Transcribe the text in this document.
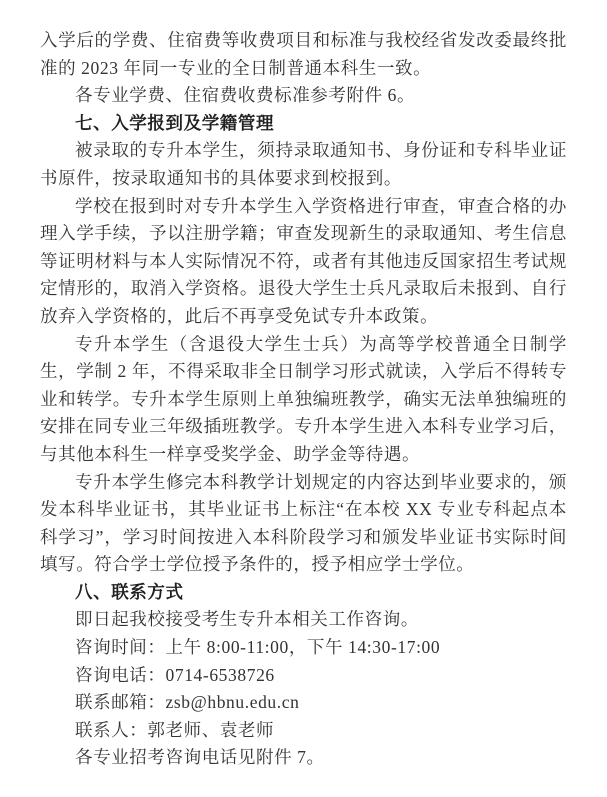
入学后的学费、住宿费等收费项目和标准与我校经省发改委最终批准的 2023 年同一专业的全日制普通本科生一致。

各专业学费、住宿费收费标准参考附件 6。

七、入学报到及学籍管理

被录取的专升本学生，须持录取通知书、身份证和专科毕业证书原件，按录取通知书的具体要求到校报到。

学校在报到时对专升本学生入学资格进行审查，审查合格的办理入学手续，予以注册学籍；审查发现新生的录取通知、考生信息等证明材料与本人实际情况不符，或者有其他违反国家招生考试规定情形的，取消入学资格。退役大学生士兵凡录取后未报到、自行放弃入学资格的，此后不再享受免试专升本政策。

专升本学生（含退役大学生士兵）为高等学校普通全日制学生，学制 2 年，不得采取非全日制学习形式就读，入学后不得转专业和转学。专升本学生原则上单独编班教学，确实无法单独编班的安排在同专业三年级插班教学。专升本学生进入本科专业学习后，与其他本科生一样享受奖学金、助学金等待遇。

专升本学生修完本科教学计划规定的内容达到毕业要求的，颁发本科毕业证书，其毕业证书上标注“在本校 XX 专业专科起点本科学习”，学习时间按进入本科阶段学习和颁发毕业证书实际时间填写。符合学士学位授予条件的，授予相应学士学位。

八、联系方式

即日起我校接受考生专升本相关工作咨询。

咨询时间：上午 8:00-11:00，下午 14:30-17:00

咨询电话：0714-6538726

联系邮箱：zsb@hbnu.edu.cn

联系人：郭老师、袁老师

各专业招考咨询电话见附件 7。
